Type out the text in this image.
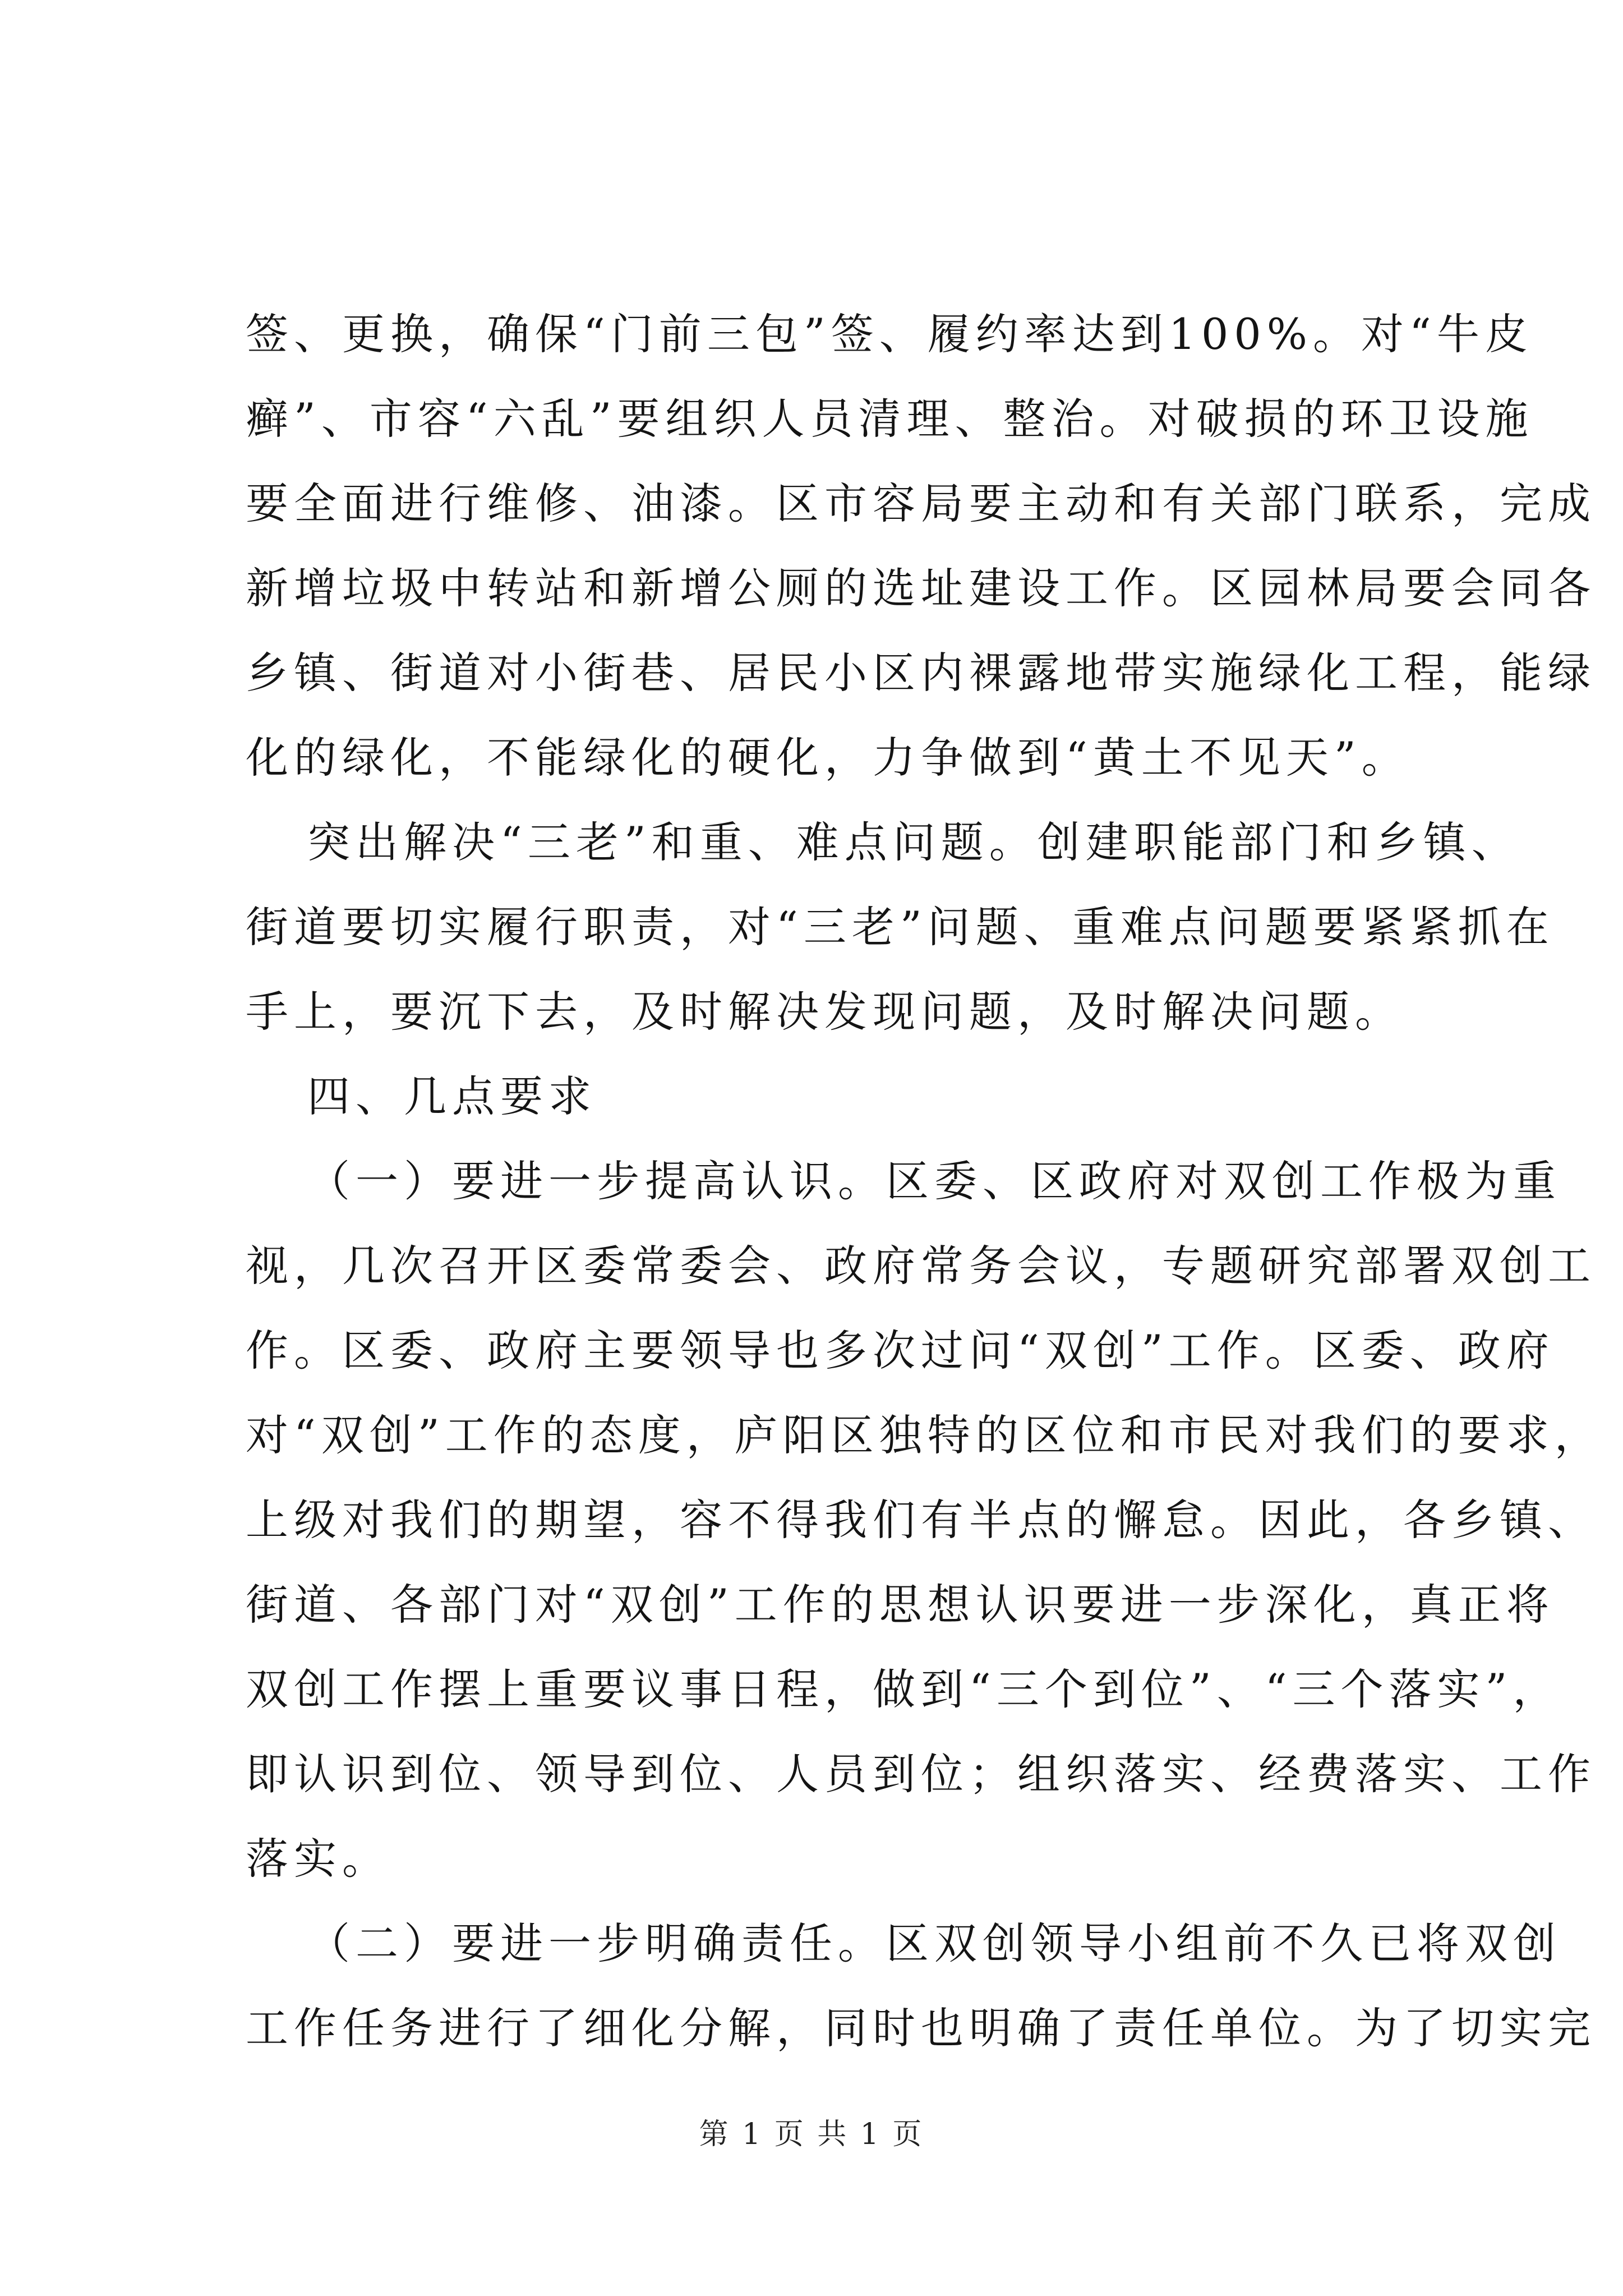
签、更换，确保“门前三包”签、履约率达到100%。对“牛皮
癣”、市容“六乱”要组织人员清理、整治。对破损的环卫设施
要全面进行维修、油漆。区市容局要主动和有关部门联系，完成
新增垃圾中转站和新增公厕的选址建设工作。区园林局要会同各
乡镇、街道对小街巷、居民小区内裸露地带实施绿化工程，能绿
化的绿化，不能绿化的硬化，力争做到“黄土不见天”。
突出解决“三老”和重、难点问题。创建职能部门和乡镇、
街道要切实履行职责，对“三老”问题、重难点问题要紧紧抓在
手上，要沉下去，及时解决发现问题，及时解决问题。
四、几点要求
（一）要进一步提高认识。区委、区政府对双创工作极为重
视，几次召开区委常委会、政府常务会议，专题研究部署双创工
作。区委、政府主要领导也多次过问“双创”工作。区委、政府
对“双创”工作的态度，庐阳区独特的区位和市民对我们的要求，
上级对我们的期望，容不得我们有半点的懈怠。因此，各乡镇、
街道、各部门对“双创”工作的思想认识要进一步深化，真正将
双创工作摆上重要议事日程，做到“三个到位”、“三个落实”，
即认识到位、领导到位、人员到位；组织落实、经费落实、工作
落实。
（二）要进一步明确责任。区双创领导小组前不久已将双创
工作任务进行了细化分解，同时也明确了责任单位。为了切实完
第 1 页 共 1 页
